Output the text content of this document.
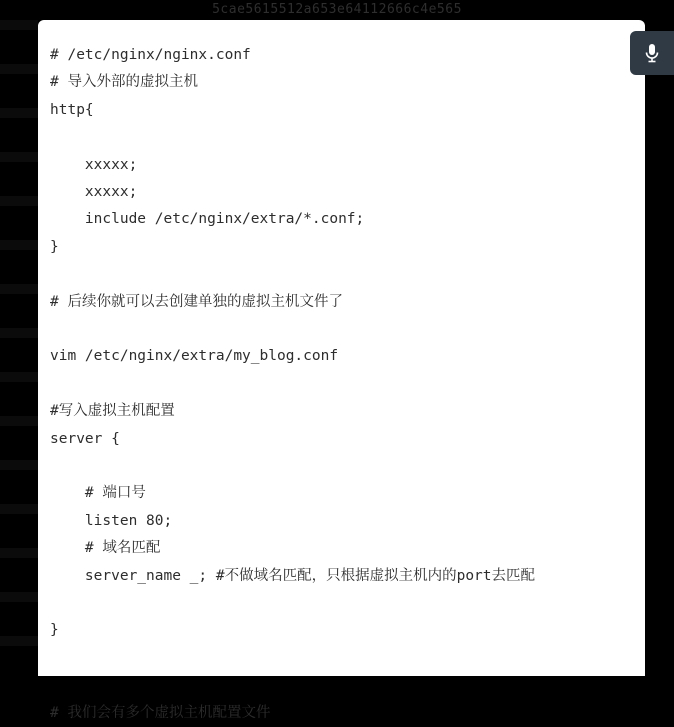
5cae5615512a653e64112666c4e565
# /etc/nginx/nginx.conf
# 导入外部的虚拟主机
http{

xxxxx;
xxxxx;
include /etc/nginx/extra/*.conf;
}

# 后续你就可以去创建单独的虚拟主机文件了

vim /etc/nginx/extra/my_blog.conf

#写入虚拟主机配置
server {

# 端口号
listen 80;
# 域名匹配
server_name _; #不做域名匹配，只根据虚拟主机内的port去匹配

}

# 我们会有多个虚拟主机配置文件
